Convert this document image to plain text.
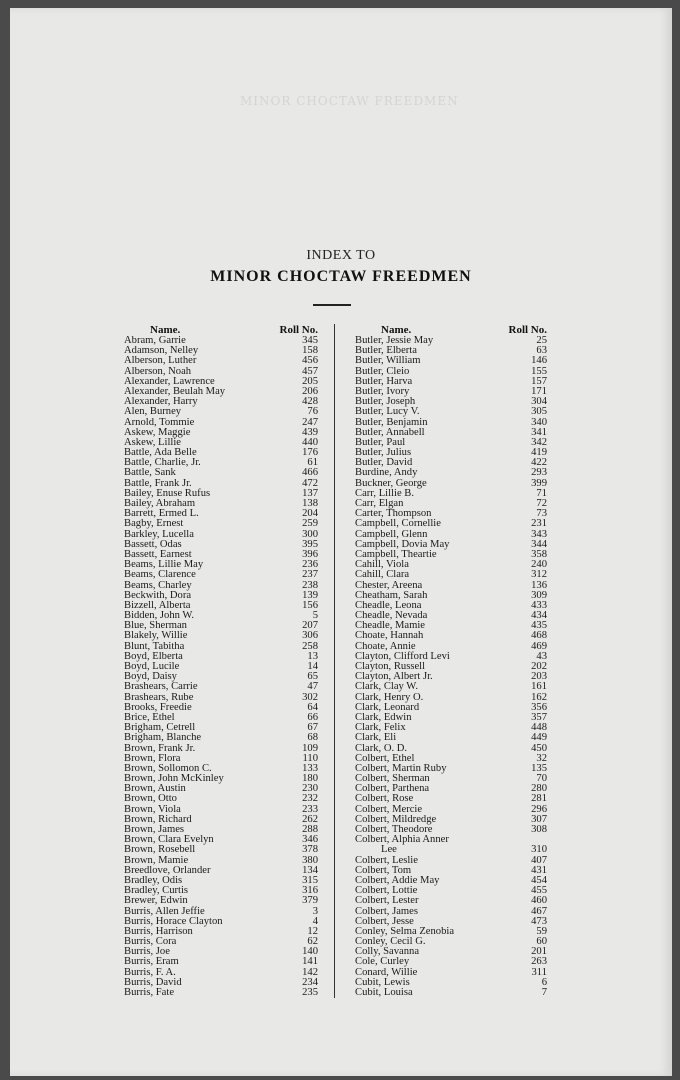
MINOR CHOCTAW FREEDMEN
INDEX TO
MINOR CHOCTAW FREEDMEN
Name.	Roll No.
Abram, Garrie	345
Adamson, Nelley	158
Alberson, Luther	456
Alberson, Noah	457
Alexander, Lawrence	205
Alexander, Beulah May	206
Alexander, Harry	428
Alen, Burney	76
Arnold, Tommie	247
Askew, Maggie	439
Askew, Lillie	440
Battle, Ada Belle	176
Battle, Charlie, Jr.	61
Battle, Sank	466
Battle, Frank Jr.	472
Bailey, Enuse Rufus	137
Bailey, Abraham	138
Barrett, Ermed L.	204
Bagby, Ernest	259
Barkley, Lucella	300
Bassett, Odas	395
Bassett, Earnest	396
Beams, Lillie May	236
Beams, Clarence	237
Beams, Charley	238
Beckwith, Dora	139
Bizzell, Alberta	156
Bidden, John W.	5
Blue, Sherman	207
Blakely, Willie	306
Blunt, Tabitha	258
Boyd, Elberta	13
Boyd, Lucile	14
Boyd, Daisy	65
Brashears, Carrie	47
Brashears, Rube	302
Brooks, Freedie	64
Brice, Ethel	66
Brigham, Cetrell	67
Brigham, Blanche	68
Brown, Frank Jr.	109
Brown, Flora	110
Brown, Sollomon C.	133
Brown, John McKinley	180
Brown, Austin	230
Brown, Otto	232
Brown, Viola	233
Brown, Richard	262
Brown, James	288
Brown, Clara Evelyn	346
Brown, Rosebell	378
Brown, Mamie	380
Breedlove, Orlander	134
Bradley, Odis	315
Bradley, Curtis	316
Brewer, Edwin	379
Burris, Allen Jeffie	3
Burris, Horace Clayton	4
Burris, Harrison	12
Burris, Cora	62
Burris, Joe	140
Burris, Eram	141
Burris, F. A.	142
Burris, David	234
Burris, Fate	235
Name.	Roll No.
Butler, Jessie May	25
Butler, Elberta	63
Butler, William	146
Butler, Cleio	155
Butler, Harva	157
Butler, Ivory	171
Butler, Joseph	304
Butler, Lucy V.	305
Butler, Benjamin	340
Butler, Annabell	341
Butler, Paul	342
Butler, Julius	419
Butler, David	422
Burdine, Andy	293
Buckner, George	399
Carr, Lillie B.	71
Carr, Elgan	72
Carter, Thompson	73
Campbell, Cornellie	231
Campbell, Glenn	343
Campbell, Dovia May	344
Campbell, Theartie	358
Cahill, Viola	240
Cahill, Clara	312
Chester, Areena	136
Cheatham, Sarah	309
Cheadle, Leona	433
Cheadle, Nevada	434
Cheadle, Mamie	435
Choate, Hannah	468
Choate, Annie	469
Clayton, Clifford Levi	43
Clayton, Russell	202
Clayton, Albert Jr.	203
Clark, Clay W.	161
Clark, Henry O.	162
Clark, Leonard	356
Clark, Edwin	357
Clark, Felix	448
Clark, Eli	449
Clark, O. D.	450
Colbert, Ethel	32
Colbert, Martin Ruby	135
Colbert, Sherman	70
Colbert, Parthena	280
Colbert, Rose	281
Colbert, Mercie	296
Colbert, Mildredge	307
Colbert, Theodore	308
Colbert, Alphia Anner
Lee	310
Colbert, Leslie	407
Colbert, Tom	431
Colbert, Addie May	454
Colbert, Lottie	455
Colbert, Lester	460
Colbert, James	467
Colbert, Jesse	473
Conley, Selma Zenobia	59
Conley, Cecil G.	60
Colly, Savanna	201
Cole, Curley	263
Conard, Willie	311
Cubit, Lewis	6
Cubit, Louisa	7
